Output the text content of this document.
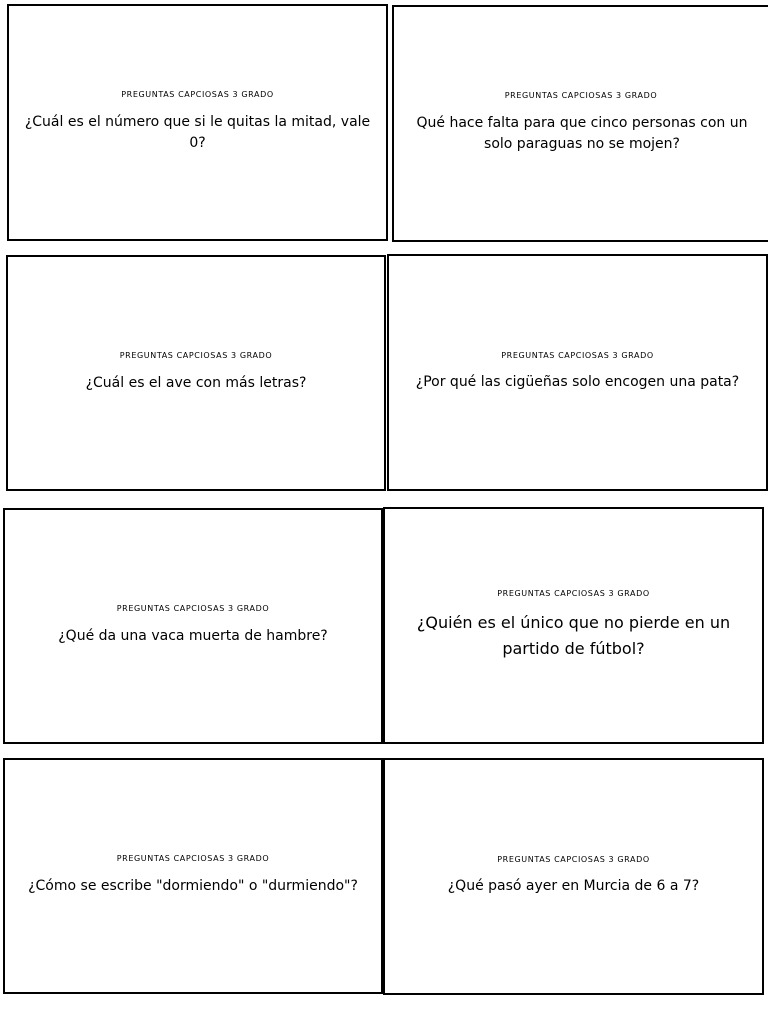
PREGUNTAS CAPCIOSAS 3 GRADO
¿Cuál es el número que si le quitas la mitad, vale 0?
PREGUNTAS CAPCIOSAS 3 GRADO
Qué hace falta para que cinco personas con un solo paraguas no se mojen?
PREGUNTAS CAPCIOSAS 3 GRADO
¿Cuál es el ave con más letras?
PREGUNTAS CAPCIOSAS 3 GRADO
¿Por qué las cigüeñas solo encogen una pata?
PREGUNTAS CAPCIOSAS 3 GRADO
¿Qué da una vaca muerta de hambre?
PREGUNTAS CAPCIOSAS 3 GRADO
¿Quién es el único que no pierde en un partido de fútbol?
PREGUNTAS CAPCIOSAS 3 GRADO
¿Cómo se escribe "dormiendo" o "durmiendo"?
PREGUNTAS CAPCIOSAS 3 GRADO
¿Qué pasó ayer en Murcia de 6 a 7?
